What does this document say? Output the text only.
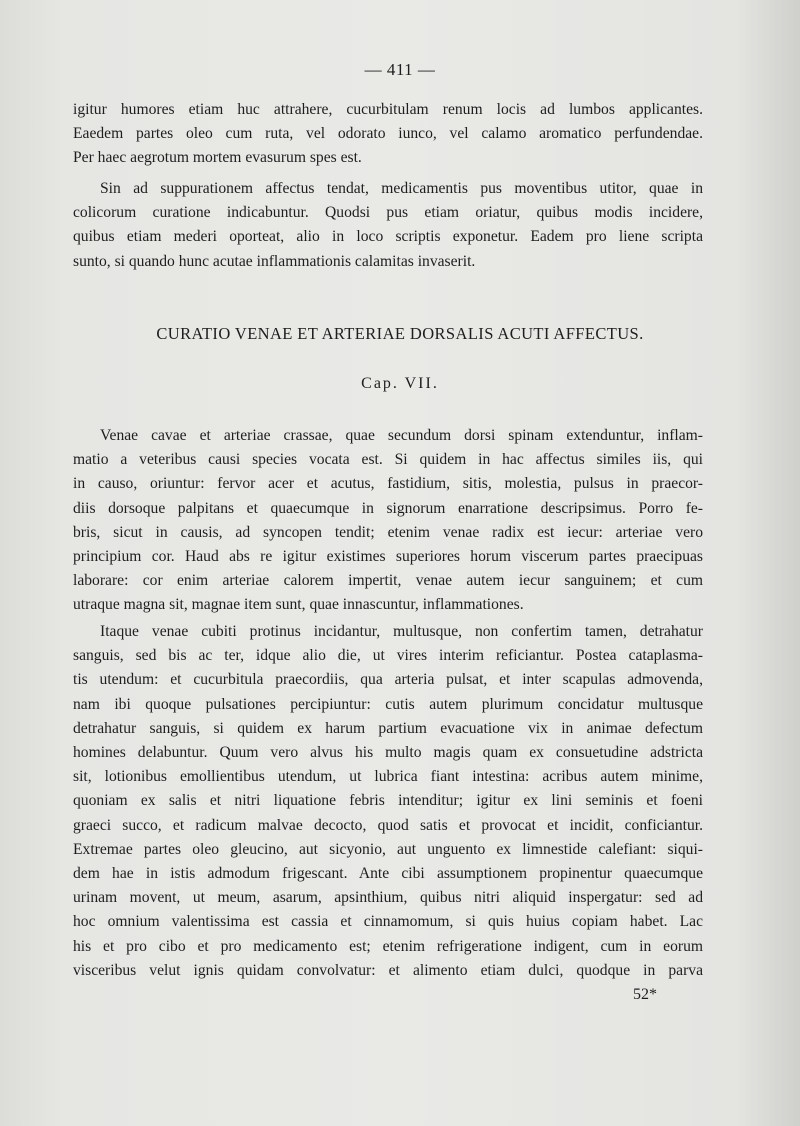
— 411 —
igitur humores etiam huc attrahere, cucurbitulam renum locis ad lumbos applicantes.
Eaedem partes oleo cum ruta, vel odorato iunco, vel calamo aromatico perfundendae.
Per haec aegrotum mortem evasurum spes est.
Sin ad suppurationem affectus tendat, medicamentis pus moventibus utitor, quae in
colicorum curatione indicabuntur. Quodsi pus etiam oriatur, quibus modis incidere,
quibus etiam mederi oporteat, alio in loco scriptis exponetur. Eadem pro liene scripta
sunto, si quando hunc acutae inflammationis calamitas invaserit.
CURATIO VENAE ET ARTERIAE DORSALIS ACUTI AFFECTUS.
Cap. VII.
Venae cavae et arteriae crassae, quae secundum dorsi spinam extenduntur, inflam-
matio a veteribus causi species vocata est. Si quidem in hac affectus similes iis, qui
in causo, oriuntur: fervor acer et acutus, fastidium, sitis, molestia, pulsus in praecor-
diis dorsoque palpitans et quaecumque in signorum enarratione descripsimus. Porro fe-
bris, sicut in causis, ad syncopen tendit; etenim venae radix est iecur: arteriae vero
principium cor. Haud abs re igitur existimes superiores horum viscerum partes praecipuas
laborare: cor enim arteriae calorem impertit, venae autem iecur sanguinem; et cum
utraque magna sit, magnae item sunt, quae innascuntur, inflammationes.
Itaque venae cubiti protinus incidantur, multusque, non confertim tamen, detrahatur
sanguis, sed bis ac ter, idque alio die, ut vires interim reficiantur. Postea cataplasma-
tis utendum: et cucurbitula praecordiis, qua arteria pulsat, et inter scapulas admovenda,
nam ibi quoque pulsationes percipiuntur: cutis autem plurimum concidatur multusque
detrahatur sanguis, si quidem ex harum partium evacuatione vix in animae defectum
homines delabuntur. Quum vero alvus his multo magis quam ex consuetudine adstricta
sit, lotionibus emollientibus utendum, ut lubrica fiant intestina: acribus autem minime,
quoniam ex salis et nitri liquatione febris intenditur; igitur ex lini seminis et foeni
graeci succo, et radicum malvae decocto, quod satis et provocat et incidit, conficiantur.
Extremae partes oleo gleucino, aut sicyonio, aut unguento ex limnestide calefiant: siqui-
dem hae in istis admodum frigescant. Ante cibi assumptionem propinentur quaecumque
urinam movent, ut meum, asarum, apsinthium, quibus nitri aliquid inspergatur: sed ad
hoc omnium valentissima est cassia et cinnamomum, si quis huius copiam habet. Lac
his et pro cibo et pro medicamento est; etenim refrigeratione indigent, cum in eorum
visceribus velut ignis quidam convolvatur: et alimento etiam dulci, quodque in parva
52*
